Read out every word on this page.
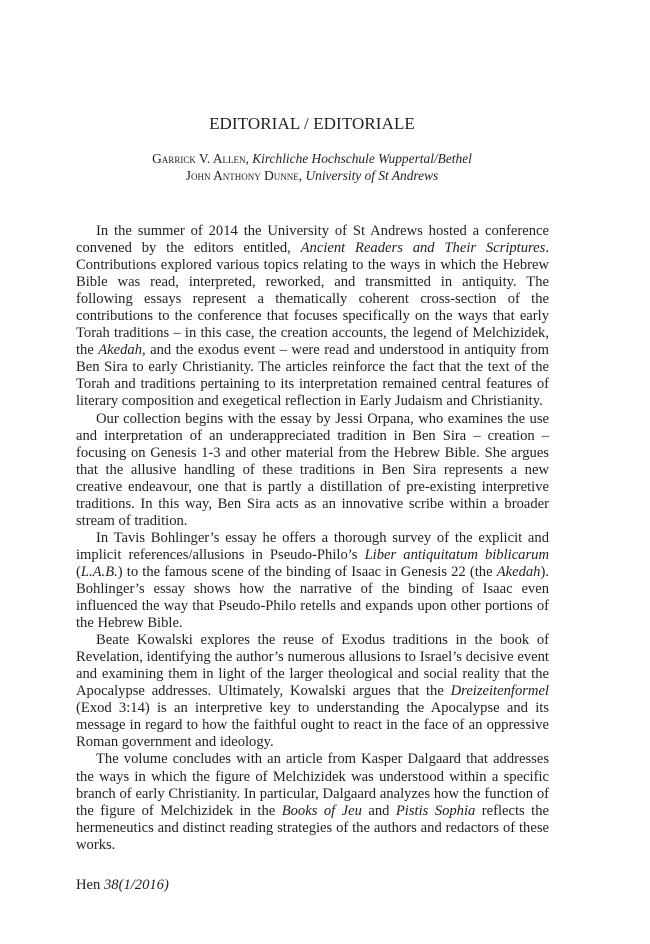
EDITORIAL / EDITORIALE
Garrick V. Allen, Kirchliche Hochschule Wuppertal/Bethel
John Anthony Dunne, University of St Andrews

In the summer of 2014 the University of St Andrews hosted a conference convened by the editors entitled, Ancient Readers and Their Scriptures. Contributions explored various topics relating to the ways in which the Hebrew Bible was read, interpreted, reworked, and transmitted in antiquity. The following essays represent a thematically coherent cross-section of the contributions to the conference that focuses specifically on the ways that early Torah traditions – in this case, the creation accounts, the legend of Melchizidek, the Akedah, and the exodus event – were read and understood in antiquity from Ben Sira to early Christianity. The articles reinforce the fact that the text of the Torah and traditions pertaining to its interpretation remained central features of literary composition and exegetical reflection in Early Judaism and Christianity.

Our collection begins with the essay by Jessi Orpana, who examines the use and interpretation of an underappreciated tradition in Ben Sira – creation – focusing on Genesis 1-3 and other material from the Hebrew Bible. She argues that the allusive handling of these traditions in Ben Sira represents a new creative endeavour, one that is partly a distillation of pre-existing interpretive traditions. In this way, Ben Sira acts as an innovative scribe within a broader stream of tradition.

In Tavis Bohlinger’s essay he offers a thorough survey of the explicit and implicit references/allusions in Pseudo-Philo’s Liber antiquitatum biblicarum (L.A.B.) to the famous scene of the binding of Isaac in Genesis 22 (the Akedah). Bohlinger’s essay shows how the narrative of the binding of Isaac even influenced the way that Pseudo-Philo retells and expands upon other portions of the Hebrew Bible.

Beate Kowalski explores the reuse of Exodus traditions in the book of Revelation, identifying the author’s numerous allusions to Israel’s decisive event and examining them in light of the larger theological and social reality that the Apocalypse addresses. Ultimately, Kowalski argues that the Dreizeitenformel (Exod 3:14) is an interpretive key to understanding the Apocalypse and its message in regard to how the faithful ought to react in the face of an oppressive Roman government and ideology.

The volume concludes with an article from Kasper Dalgaard that addresses the ways in which the figure of Melchizidek was understood within a specific branch of early Christianity. In particular, Dalgaard analyzes how the function of the figure of Melchizidek in the Books of Jeu and Pistis Sophia reflects the hermeneutics and distinct reading strategies of the authors and redactors of these works.

Hen 38(1/2016)
